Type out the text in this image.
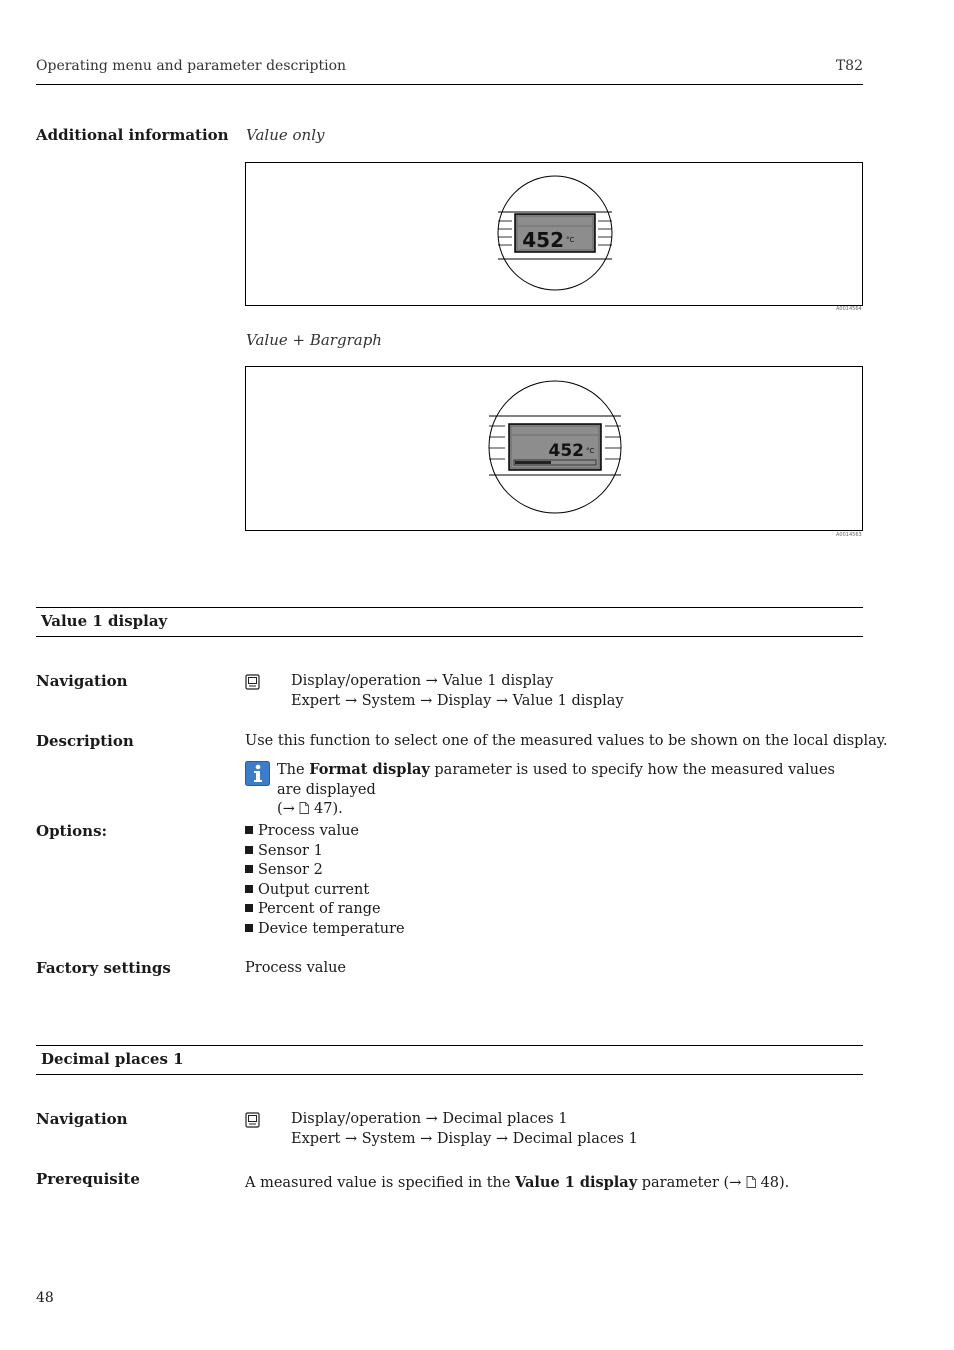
Operating menu and parameter description	T82
Additional information Value only
452 °C
A0014564
Value + Bargraph
452 °C
A0014563
Value 1 display
Navigation	Display/operation → Value 1 display
Expert → System → Display → Value 1 display
Description	Use this function to select one of the measured values to be shown on the local display.
The Format display parameter is used to specify how the measured values are displayed
(→  47).
Options:	Process value
Sensor 1
Sensor 2
Output current
Percent of range
Device temperature
Factory settings	Process value
Decimal places 1
Navigation	Display/operation → Decimal places 1
Expert → System → Display → Decimal places 1
Prerequisite	A measured value is specified in the Value 1 display parameter (→  48).
48
